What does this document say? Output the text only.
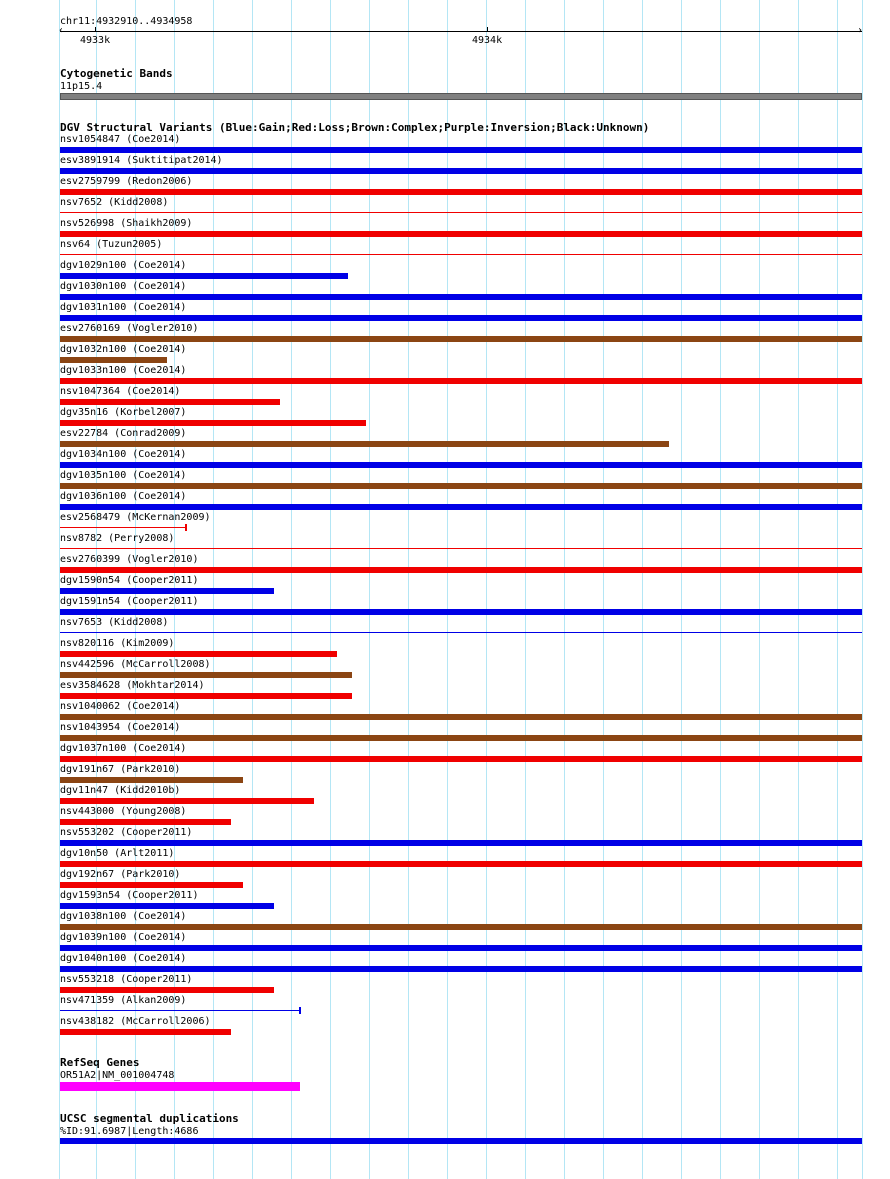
chr11:4932910..4934958
‹	›
4933k	4934k
Cytogenetic Bands
11p15.4
DGV Structural Variants (Blue:Gain;Red:Loss;Brown:Complex;Purple:Inversion;Black:Unknown)
nsv1054847 (Coe2014)
esv3891914 (Suktitipat2014)
esv2759799 (Redon2006)
nsv7652 (Kidd2008)
nsv526998 (Shaikh2009)
nsv64 (Tuzun2005)
dgv1029n100 (Coe2014)
dgv1030n100 (Coe2014)
dgv1031n100 (Coe2014)
esv2760169 (Vogler2010)
dgv1032n100 (Coe2014)
dgv1033n100 (Coe2014)
nsv1047364 (Coe2014)
dgv35n16 (Korbel2007)
esv22784 (Conrad2009)
dgv1034n100 (Coe2014)
dgv1035n100 (Coe2014)
dgv1036n100 (Coe2014)
esv2568479 (McKernan2009)
nsv8782 (Perry2008)
esv2760399 (Vogler2010)
dgv1590n54 (Cooper2011)
dgv1591n54 (Cooper2011)
nsv7653 (Kidd2008)
nsv820116 (Kim2009)
nsv442596 (McCarroll2008)
esv3584628 (Mokhtar2014)
nsv1040062 (Coe2014)
nsv1043954 (Coe2014)
dgv1037n100 (Coe2014)
dgv191n67 (Park2010)
dgv11n47 (Kidd2010b)
nsv443000 (Young2008)
nsv553202 (Cooper2011)
dgv10n50 (Arlt2011)
dgv192n67 (Park2010)
dgv1593n54 (Cooper2011)
dgv1038n100 (Coe2014)
dgv1039n100 (Coe2014)
dgv1040n100 (Coe2014)
nsv553218 (Cooper2011)
nsv471359 (Alkan2009)
nsv438182 (McCarroll2006)
RefSeq Genes
OR51A2|NM_001004748
UCSC segmental duplications
%ID:91.6987|Length:4686
